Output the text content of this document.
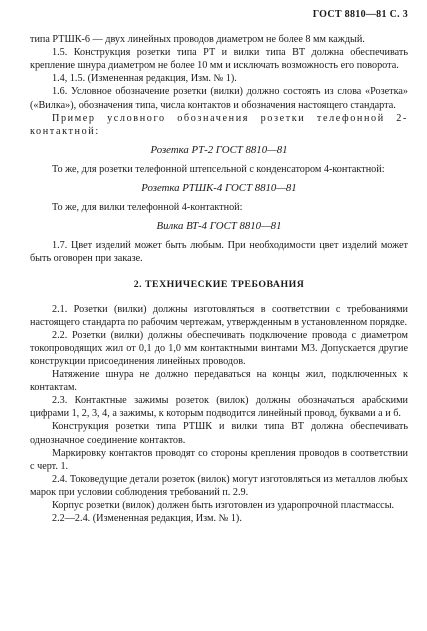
ГОСТ 8810—81 С. 3

типа РТШК-6 — двух линейных проводов диаметром не более 8 мм каждый.

1.5. Конструкция розетки типа РТ и вилки типа ВТ должна обеспечивать крепление шнура диаметром не более 10 мм и исключать возможность его поворота.

1.4, 1.5. (Измененная редакция, Изм. № 1).

1.6. Условное обозначение розетки (вилки) должно состоять из слова «Розетка» («Вилка»), обозначения типа, числа контактов и обозначения настоящего стандарта.

Пример условного обозначения розетки телефонной 2-контактной:

Розетка РТ-2 ГОСТ 8810—81

То же, для розетки телефонной штепсельной с конденсатором 4-контактной:

Розетка РТШК-4 ГОСТ 8810—81

То же, для вилки телефонной 4-контактной:

Вилка ВТ-4 ГОСТ 8810—81

1.7. Цвет изделий может быть любым. При необходимости цвет изделий может быть оговорен при заказе.

2. ТЕХНИЧЕСКИЕ ТРЕБОВАНИЯ

2.1. Розетки (вилки) должны изготовляться в соответствии с требованиями настоящего стандарта по рабочим чертежам, утвержденным в установленном порядке.

2.2. Розетки (вилки) должны обеспечивать подключение провода с диаметром токопроводящих жил от 0,1 до 1,0 мм контактными винтами М3. Допускается другие конструкции присоединения линейных проводов.

Натяжение шнура не должно передаваться на концы жил, подключенных к контактам.

2.3. Контактные зажимы розеток (вилок) должны обозначаться арабскими цифрами 1, 2, 3, 4, а зажимы, к которым подводится линейный провод, буквами а и б.

Конструкция розетки типа РТШК и вилки типа ВТ должна обеспечивать однозначное соединение контактов.

Маркировку контактов проводят со стороны крепления проводов в соответствии с черт. 1.

2.4. Токоведущие детали розеток (вилок) могут изготовляться из металлов любых марок при условии соблюдения требований п. 2.9.

Корпус розетки (вилок) должен быть изготовлен из ударопрочной пластмассы.

2.2—2.4. (Измененная редакция, Изм. № 1).
